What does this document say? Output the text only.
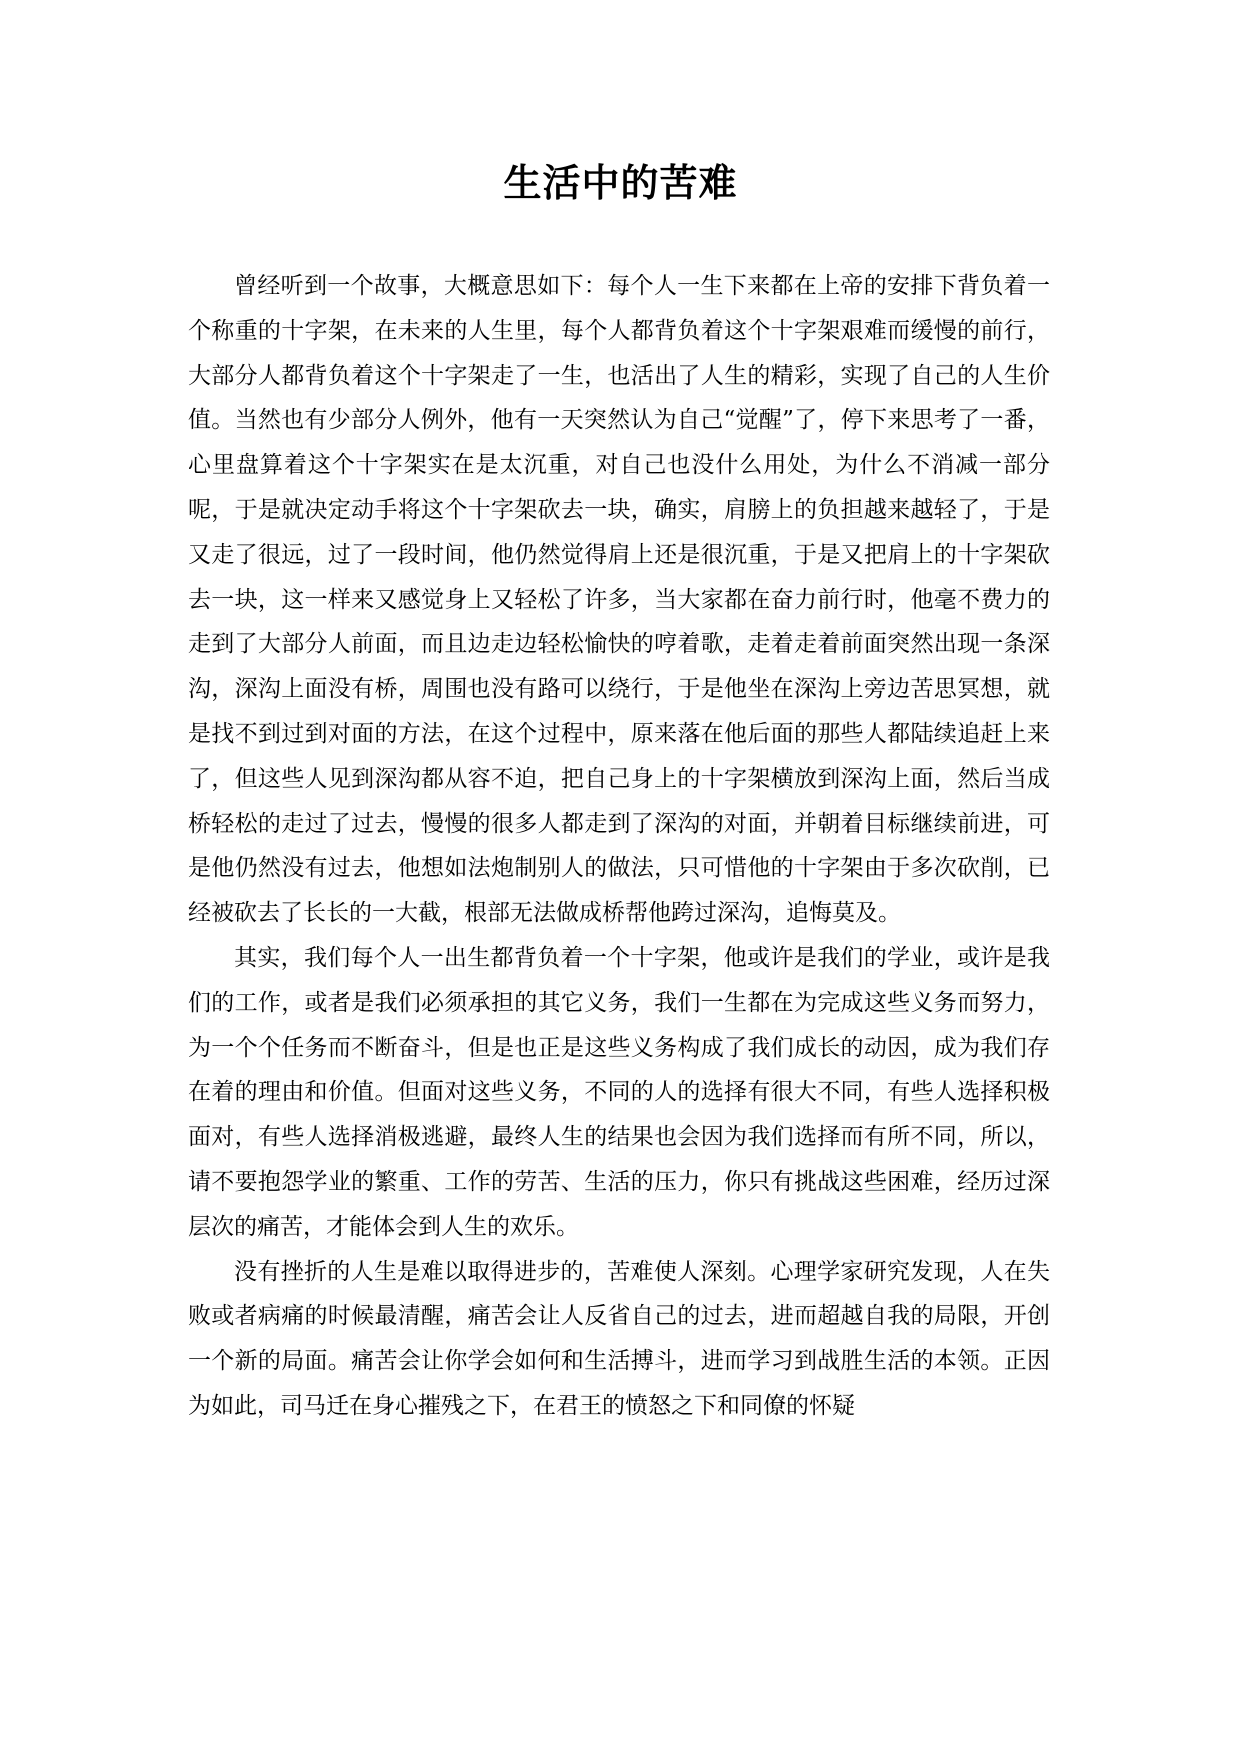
生活中的苦难

曾经听到一个故事，大概意思如下：每个人一生下来都在上帝的安排下背负着一个称重的十字架，在未来的人生里，每个人都背负着这个十字架艰难而缓慢的前行，大部分人都背负着这个十字架走了一生，也活出了人生的精彩，实现了自己的人生价值。当然也有少部分人例外，他有一天突然认为自己“觉醒”了，停下来思考了一番，心里盘算着这个十字架实在是太沉重，对自己也没什么用处，为什么不消减一部分呢，于是就决定动手将这个十字架砍去一块，确实，肩膀上的负担越来越轻了，于是又走了很远，过了一段时间，他仍然觉得肩上还是很沉重，于是又把肩上的十字架砍去一块，这一样来又感觉身上又轻松了许多，当大家都在奋力前行时，他毫不费力的走到了大部分人前面，而且边走边轻松愉快的哼着歌，走着走着前面突然出现一条深沟，深沟上面没有桥，周围也没有路可以绕行，于是他坐在深沟上旁边苦思冥想，就是找不到过到对面的方法，在这个过程中，原来落在他后面的那些人都陆续追赶上来了，但这些人见到深沟都从容不迫，把自己身上的十字架横放到深沟上面，然后当成桥轻松的走过了过去，慢慢的很多人都走到了深沟的对面，并朝着目标继续前进，可是他仍然没有过去，他想如法炮制别人的做法，只可惜他的十字架由于多次砍削，已经被砍去了长长的一大截，根部无法做成桥帮他跨过深沟，追悔莫及。

其实，我们每个人一出生都背负着一个十字架，他或许是我们的学业，或许是我们的工作，或者是我们必须承担的其它义务，我们一生都在为完成这些义务而努力，为一个个任务而不断奋斗，但是也正是这些义务构成了我们成长的动因，成为我们存在着的理由和价值。但面对这些义务，不同的人的选择有很大不同，有些人选择积极面对，有些人选择消极逃避，最终人生的结果也会因为我们选择而有所不同，所以，请不要抱怨学业的繁重、工作的劳苦、生活的压力，你只有挑战这些困难，经历过深层次的痛苦，才能体会到人生的欢乐。

没有挫折的人生是难以取得进步的，苦难使人深刻。心理学家研究发现，人在失败或者病痛的时候最清醒，痛苦会让人反省自己的过去，进而超越自我的局限，开创一个新的局面。痛苦会让你学会如何和生活搏斗，进而学习到战胜生活的本领。正因为如此，司马迁在身心摧残之下，在君王的愤怒之下和同僚的怀疑
